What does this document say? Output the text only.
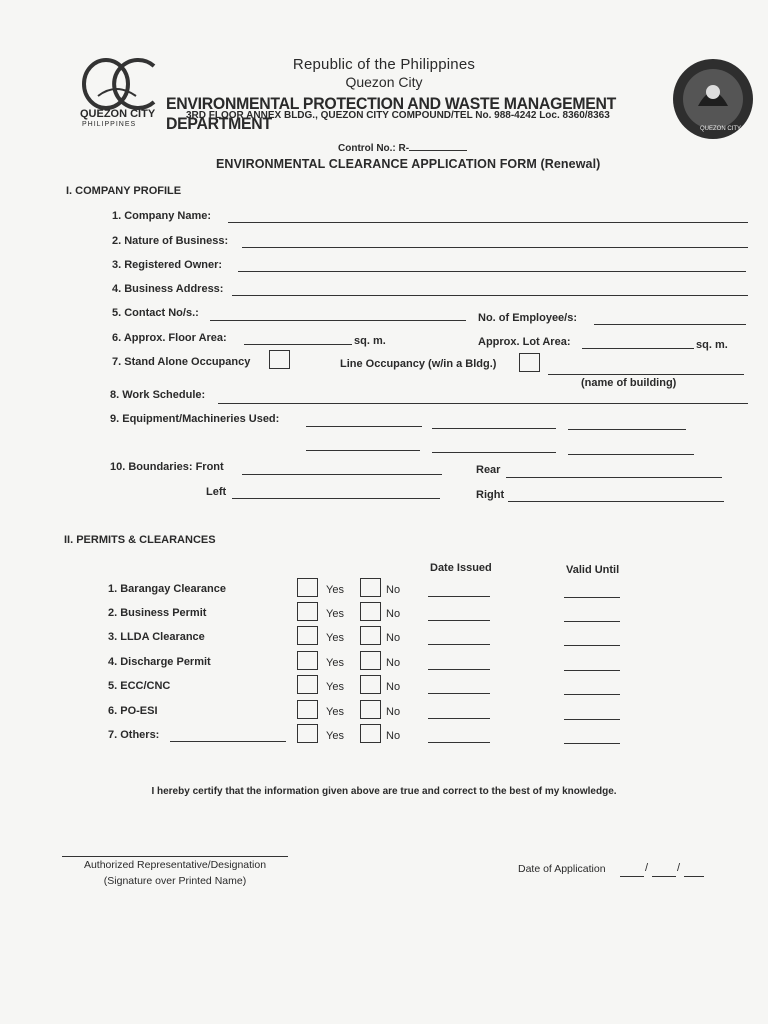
QUEZON CITY
PHILIPPINES
QUEZON CITY
Republic of the Philippines
Quezon City
ENVIRONMENTAL PROTECTION AND WASTE MANAGEMENT DEPARTMENT
3RD FLOOR ANNEX BLDG., QUEZON CITY COMPOUND/TEL No. 988-4242 Loc. 8360/8363
Control No.: R-
ENVIRONMENTAL CLEARANCE APPLICATION FORM (Renewal)
I. COMPANY PROFILE
1. Company Name:
2. Nature of Business:
3. Registered Owner:
4. Business Address:
5. Contact No/s.:	No. of Employee/s:
6. Approx. Floor Area:	sq. m.	Approx. Lot Area:	sq. m.
7. Stand Alone Occupancy	Line Occupancy (w/in a Bldg.)
(name of building)
8. Work Schedule:
9. Equipment/Machineries Used:
10. Boundaries: Front	Rear
Left	Right
II. PERMITS & CLEARANCES
Date Issued	Valid Until
1. Barangay Clearance	Yes	No
2. Business Permit	Yes	No
3. LLDA Clearance	Yes	No
4. Discharge Permit	Yes	No
5. ECC/CNC	Yes	No
6. PO-ESI	Yes	No
7. Others:	Yes	No
I hereby certify that the information given above are true and correct to the best of my knowledge.
Authorized Representative/Designation
(Signature over Printed Name)
Date of Application	/	/
